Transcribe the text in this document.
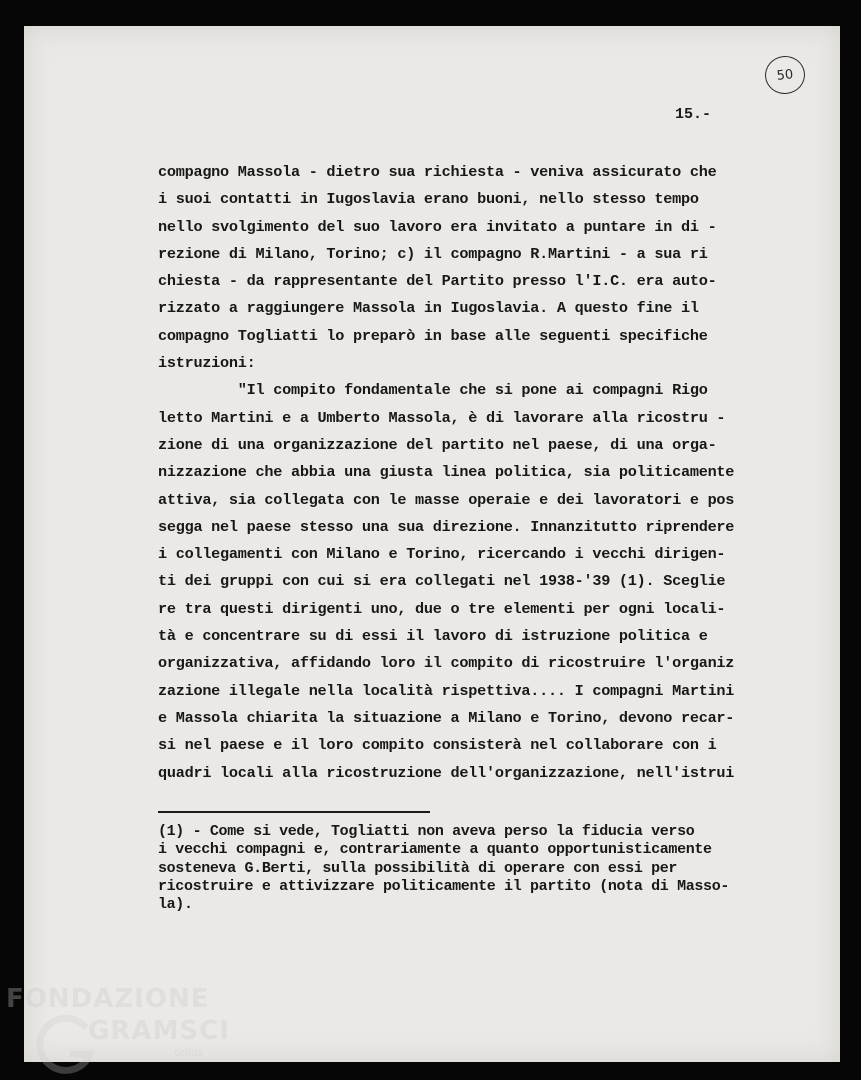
50
15.-
compagno Massola - dietro sua richiesta - veniva assicurato che
i suoi contatti in Iugoslavia erano buoni, nello stesso tempo
nello svolgimento del suo lavoro era invitato a puntare in di -
rezione di Milano, Torino; c) il compagno R.Martini - a sua ri
chiesta - da rappresentante del Partito presso l'I.C. era auto-
rizzato a raggiungere Massola in Iugoslavia. A questo fine il
compagno Togliatti lo preparò in base alle seguenti specifiche
istruzioni:
"Il compito fondamentale che si pone ai compagni Rigo
letto Martini e a Umberto Massola, è di lavorare alla ricostru -
zione di una organizzazione del partito nel paese, di una orga-
nizzazione che abbia una giusta linea politica, sia politicamente
attiva, sia collegata con le masse operaie e dei lavoratori e pos
segga nel paese stesso una sua direzione. Innanzitutto riprendere
i collegamenti con Milano e Torino, ricercando i vecchi dirigen-
ti dei gruppi con cui si era collegati nel 1938-'39 (1). Sceglie
re tra questi dirigenti uno, due o tre elementi per ogni locali-
tà e concentrare su di essi il lavoro di istruzione politica e
organizzativa, affidando loro il compito di ricostruire l'organiz
zazione illegale nella località rispettiva.... I compagni Martini
e Massola chiarita la situazione a Milano e Torino, devono recar-
si nel paese e il loro compito consisterà nel collaborare con i
quadri locali alla ricostruzione dell'organizzazione, nell'istrui
(1) - Come si vede, Togliatti non aveva perso la fiducia verso
i vecchi compagni e, contrariamente a quanto opportunisticamente
sosteneva G.Berti, sulla possibilità di operare con essi per
ricostruire e attivizzare politicamente il partito (nota di Masso-
la).
FONDAZIONE
GRAMSCI
onlus
